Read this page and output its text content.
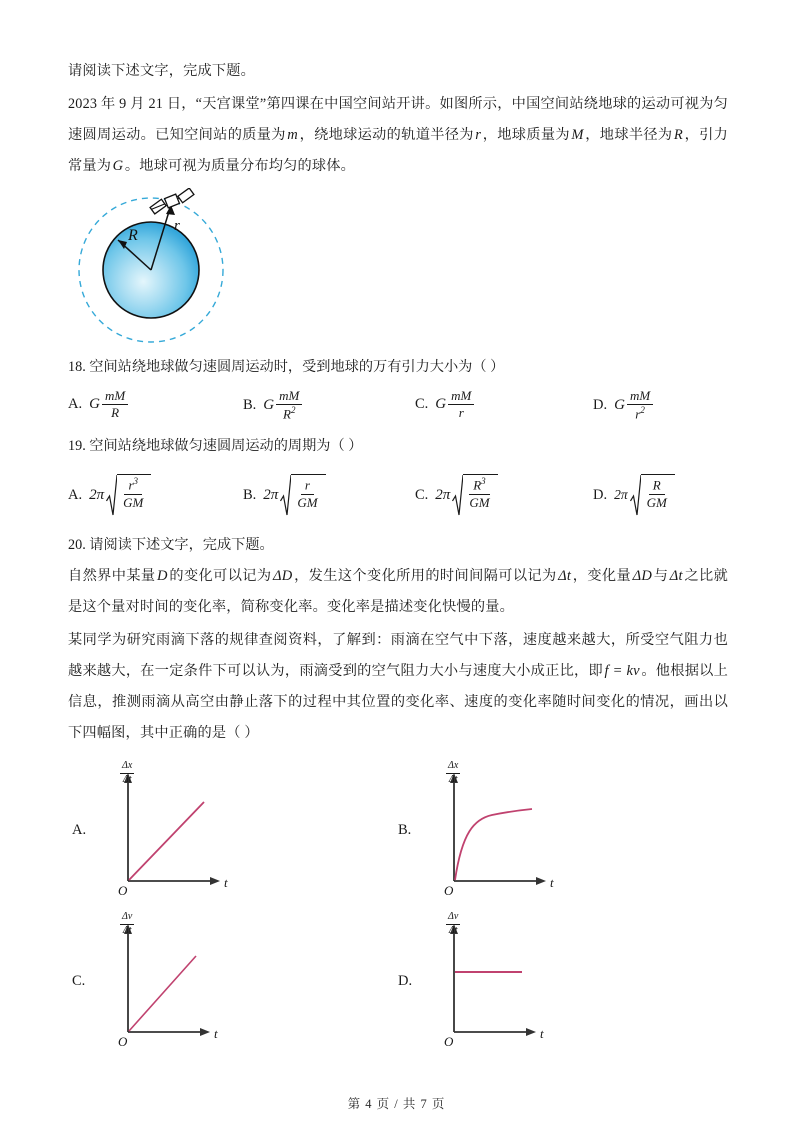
请阅读下述文字，完成下题。

2023 年 9 月 21 日，“天宫课堂”第四课在中国空间站开讲。如图所示，中国空间站绕地球的运动可视为匀速圆周运动。已知空间站的质量为 m ，绕地球运动的轨道半径为 r ，地球质量为 M ，地球半径为 R ，引力常量为 G 。地球可视为质量分布均匀的球体。

R
r

18. 空间站绕地球做匀速圆周运动时，受到地球的万有引力大小为（ ）

A. G $\frac{mM}{R}$	B. G $\frac{mM}{R^2}$	C. G $\frac{mM}{r}$	D. G $\frac{mM}{r^2}$

19. 空间站绕地球做匀速圆周运动的周期为（ ）

A. $2\pi \frac{r^3}{GM}$	B. $2\pi \frac{r}{GM}$	C. $2\pi \frac{R^3}{GM}$	D. $2\pi \frac{R}{GM}$

20. 请阅读下述文字，完成下题。

自然界中某量 D 的变化可以记为 ΔD ，发生这个变化所用的时间间隔可以记为 Δt ，变化量 ΔD 与 Δt 之比就是这个量对时间的变化率，简称变化率。变化率是描述变化快慢的量。

某同学为研究雨滴下落的规律查阅资料，了解到：雨滴在空气中下落，速度越来越大，所受空气阻力也越来越大，在一定条件下可以认为，雨滴受到的空气阻力大小与速度大小成正比，即 f = kv 。他根据以上信息，推测雨滴从高空由静止落下的过程中其位置的变化率、速度的变化率随时间变化的情况，画出以下四幅图，其中正确的是（ ）

A.
O
t
$\frac{\Delta x}{\Delta t}$
B.
O
t
$\frac{\Delta x}{\Delta t}$
C.
O
t
$\frac{\Delta v}{\Delta t}$
D.
O
t
$\frac{\Delta v}{\Delta t}$
第 4 页 / 共 7 页
